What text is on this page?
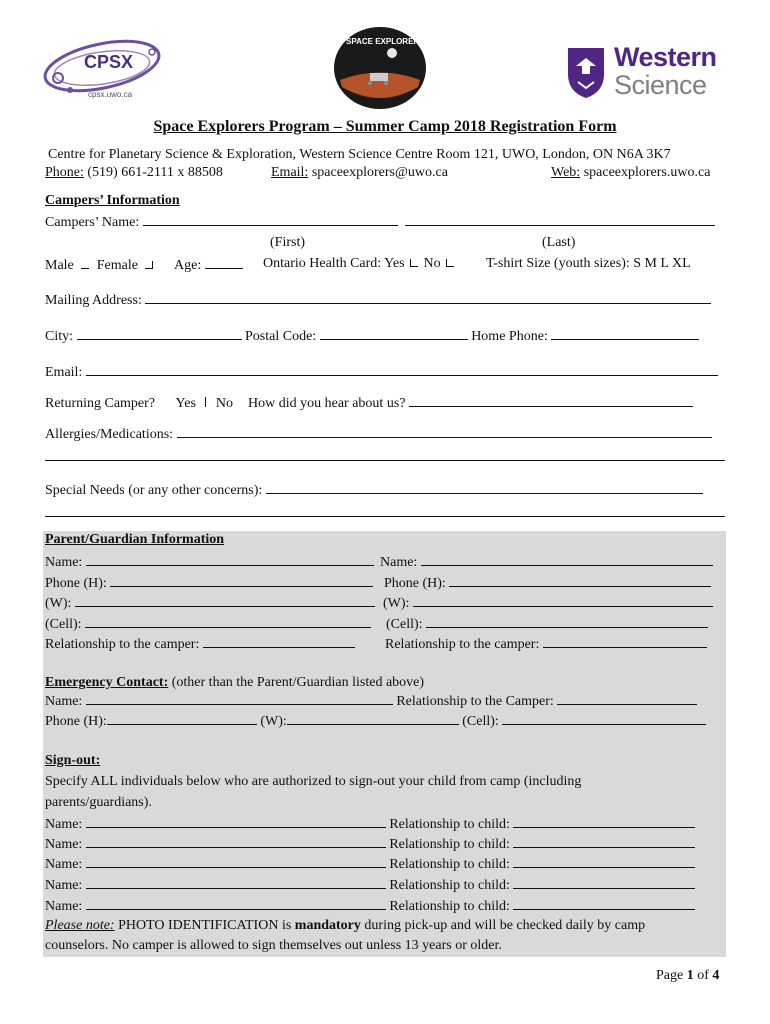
CPSX
cpsx.uwo.ca
SPACE EXPLORERS
Western
Science
Space Explorers Program – Summer Camp 2018 Registration Form
Centre for Planetary Science & Exploration, Western Science Centre Room 121, UWO, London, ON N6A 3K7
Phone: (519) 661-2111 x 88508	Email: spaceexplorers@uwo.ca	Web: spaceexplorers.uwo.ca
Campers’ Information
Campers’ Name:
(First)	(Last)
Male Female	Age:	Ontario Health Card: Yes No	T-shirt Size (youth sizes): S M L XL
Mailing Address:
City:	Postal Code:	Home Phone:
Email:
Returning Camper? Yes No How did you hear about us?
Allergies/Medications:
Special Needs (or any other concerns):
Parent/Guardian Information
Name:	Name:
Phone (H):	Phone (H):
(W):	(W):
(Cell):	(Cell):
Relationship to the camper:	Relationship to the camper:
Emergency Contact: (other than the Parent/Guardian listed above)
Name:	Relationship to the Camper:
Phone (H):	(W):	(Cell):
Sign-out:
Specify ALL individuals below who are authorized to sign-out your child from camp (including
parents/guardians).
Name:	Relationship to child:
Name:	Relationship to child:
Name:	Relationship to child:
Name:	Relationship to child:
Name:	Relationship to child:
Please note: PHOTO IDENTIFICATION is mandatory during pick-up and will be checked daily by camp
counselors. No camper is allowed to sign themselves out unless 13 years or older.
Page 1 of 4
